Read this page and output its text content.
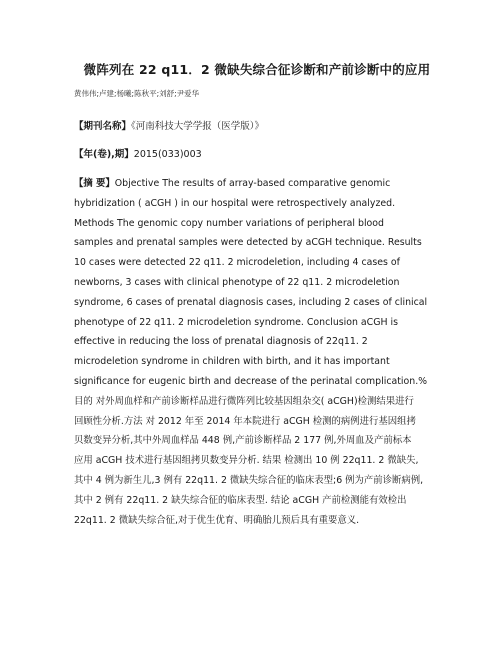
微阵列在 22 q11．2 微缺失综合征诊断和产前诊断中的应用
黄伟伟;卢建;杨曦;陈秋平;刘舒;尹爱华
【期刊名称】《河南科技大学学报（医学版）》
【年(卷),期】2015(033)003
【摘 要】Objective The results of array-based comparative genomic
hybridization ( aCGH ) in our hospital were retrospectively analyzed.
Methods The genomic copy number variations of peripheral blood
samples and prenatal samples were detected by aCGH technique. Results
10 cases were detected 22 q11. 2 microdeletion, including 4 cases of
newborns, 3 cases with clinical phenotype of 22 q11. 2 microdeletion
syndrome, 6 cases of prenatal diagnosis cases, including 2 cases of clinical
phenotype of 22 q11. 2 microdeletion syndrome. Conclusion aCGH is
effective in reducing the loss of prenatal diagnosis of 22q11. 2
microdeletion syndrome in children with birth, and it has important
significance for eugenic birth and decrease of the perinatal complication.%
目的 对外周血样和产前诊断样品进行微阵列比较基因组杂交( aCGH)检测结果进行
回顾性分析.方法 对 2012 年至 2014 年本院进行 aCGH 检测的病例进行基因组拷
贝数变异分析,其中外周血样品 448 例,产前诊断样品 2 177 例,外周血及产前标本
应用 aCGH 技术进行基因组拷贝数变异分析. 结果 检测出 10 例 22q11. 2 微缺失,
其中 4 例为新生儿,3 例有 22q11. 2 微缺失综合征的临床表型;6 例为产前诊断病例,
其中 2 例有 22q11. 2 缺失综合征的临床表型. 结论 aCGH 产前检测能有效检出
22q11. 2 微缺失综合征,对于优生优育、明确胎儿预后具有重要意义.
